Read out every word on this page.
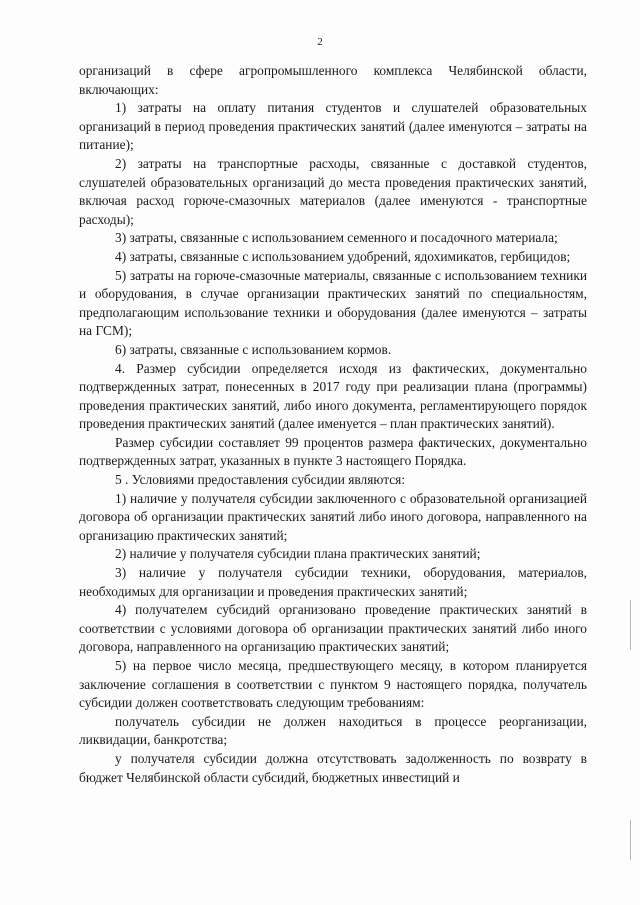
2

организаций в сфере агропромышленного комплекса Челябинской области, включающих:

1) затраты на оплату питания студентов и слушателей образовательных организаций в период проведения практических занятий (далее именуются – затраты на питание);

2) затраты на транспортные расходы, связанные с доставкой студентов, слушателей образовательных организаций до места проведения практических занятий, включая расход горюче-смазочных материалов (далее именуются - транспортные расходы);

3) затраты, связанные с использованием семенного и посадочного материала;

4) затраты, связанные с использованием удобрений, ядохимикатов, гербицидов;

5) затраты на горюче-смазочные материалы, связанные с использованием техники и оборудования, в случае организации практических занятий по специальностям, предполагающим использование техники и оборудования (далее именуются – затраты на ГСМ);

6) затраты, связанные с использованием кормов.

4. Размер субсидии определяется исходя из фактических, документально подтвержденных затрат, понесенных в 2017 году при реализации плана (программы) проведения практических занятий, либо иного документа, регламентирующего порядок проведения практических занятий (далее именуется – план практических занятий).

Размер субсидии составляет 99 процентов размера фактических, документально подтвержденных затрат, указанных в пункте 3 настоящего Порядка.

5 . Условиями предоставления субсидии являются:

1) наличие у получателя субсидии заключенного с образовательной организацией договора об организации практических занятий либо иного договора, направленного на организацию практических занятий;

2) наличие у получателя субсидии плана практических занятий;

3) наличие у получателя субсидии техники, оборудования, материалов, необходимых для организации и проведения практических занятий;

4) получателем субсидий организовано проведение практических занятий в соответствии с условиями договора об организации практических занятий либо иного договора, направленного на организацию практических занятий;

5) на первое число месяца, предшествующего месяцу, в котором планируется заключение соглашения в соответствии с пунктом 9 настоящего порядка, получатель субсидии должен соответствовать следующим требованиям:

получатель субсидии не должен находиться в процессе реорганизации, ликвидации, банкротства;

у получателя субсидии должна отсутствовать задолженность по возврату в бюджет Челябинской области субсидий, бюджетных инвестиций и
